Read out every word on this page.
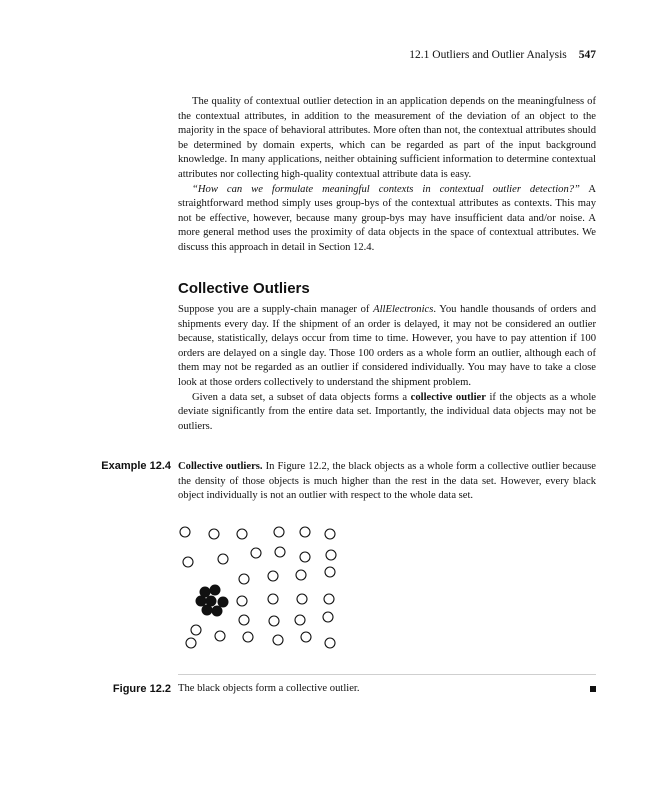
12.1 Outliers and Outlier Analysis 547

The quality of contextual outlier detection in an application depends on the meaningfulness of the contextual attributes, in addition to the measurement of the deviation of an object to the majority in the space of behavioral attributes. More often than not, the contextual attributes should be determined by domain experts, which can be regarded as part of the input background knowledge. In many applications, neither obtaining sufficient information to determine contextual attributes nor collecting high-quality contextual attribute data is easy.

“How can we formulate meaningful contexts in contextual outlier detection?” A straightforward method simply uses group-bys of the contextual attributes as contexts. This may not be effective, however, because many group-bys may have insufficient data and/or noise. A more general method uses the proximity of data objects in the space of contextual attributes. We discuss this approach in detail in Section 12.4.

Collective Outliers

Suppose you are a supply-chain manager of AllElectronics. You handle thousands of orders and shipments every day. If the shipment of an order is delayed, it may not be considered an outlier because, statistically, delays occur from time to time. However, you have to pay attention if 100 orders are delayed on a single day. Those 100 orders as a whole form an outlier, although each of them may not be regarded as an outlier if considered individually. You may have to take a close look at those orders collectively to understand the shipment problem.

Given a data set, a subset of data objects forms a collective outlier if the objects as a whole deviate significantly from the entire data set. Importantly, the individual data objects may not be outliers.

Example 12.4 Collective outliers. In Figure 12.2, the black objects as a whole form a collective outlier because the density of those objects is much higher than the rest in the data set. However, every black object individually is not an outlier with respect to the whole data set.

Figure 12.2 The black objects form a collective outlier.
